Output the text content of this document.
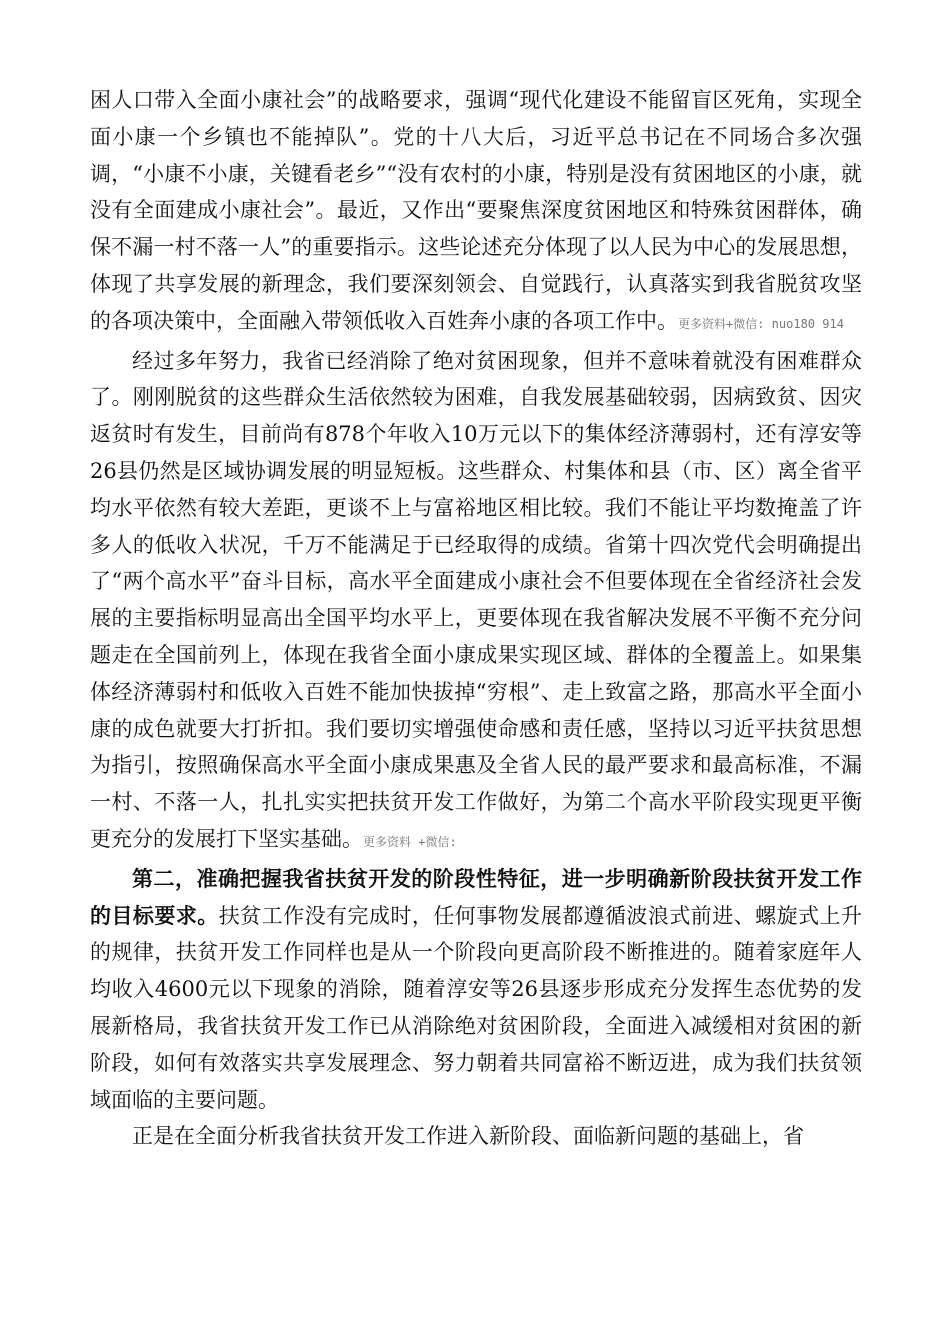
困人口带入全面小康社会”的战略要求，强调“现代化建设不能留盲区死角，实现全面小康一个乡镇也不能掉队”。党的十八大后，习近平总书记在不同场合多次强调，“小康不小康，关键看老乡”“没有农村的小康，特别是没有贫困地区的小康，就没有全面建成小康社会”。最近，又作出“要聚焦深度贫困地区和特殊贫困群体，确保不漏一村不落一人”的重要指示。这些论述充分体现了以人民为中心的发展思想，体现了共享发展的新理念，我们要深刻领会、自觉践行，认真落实到我省脱贫攻坚的各项决策中，全面融入带领低收入百姓奔小康的各项工作中。更多资料+微信: nuo180 914

经过多年努力，我省已经消除了绝对贫困现象，但并不意味着就没有困难群众了。刚刚脱贫的这些群众生活依然较为困难，自我发展基础较弱，因病致贫、因灾返贫时有发生，目前尚有878个年收入10万元以下的集体经济薄弱村，还有淳安等26县仍然是区域协调发展的明显短板。这些群众、村集体和县（市、区）离全省平均水平依然有较大差距，更谈不上与富裕地区相比较。我们不能让平均数掩盖了许多人的低收入状况，千万不能满足于已经取得的成绩。省第十四次党代会明确提出了“两个高水平”奋斗目标，高水平全面建成小康社会不但要体现在全省经济社会发展的主要指标明显高出全国平均水平上，更要体现在我省解决发展不平衡不充分问题走在全国前列上，体现在我省全面小康成果实现区域、群体的全覆盖上。如果集体经济薄弱村和低收入百姓不能加快拔掉“穷根”、走上致富之路，那高水平全面小康的成色就要大打折扣。我们要切实增强使命感和责任感，坚持以习近平扶贫思想为指引，按照确保高水平全面小康成果惠及全省人民的最严要求和最高标准，不漏一村、不落一人，扎扎实实把扶贫开发工作做好，为第二个高水平阶段实现更平衡更充分的发展打下坚实基础。更多资料 +微信:

第二，准确把握我省扶贫开发的阶段性特征，进一步明确新阶段扶贫开发工作的目标要求。扶贫工作没有完成时，任何事物发展都遵循波浪式前进、螺旋式上升的规律，扶贫开发工作同样也是从一个阶段向更高阶段不断推进的。随着家庭年人均收入4600元以下现象的消除，随着淳安等26县逐步形成充分发挥生态优势的发展新格局，我省扶贫开发工作已从消除绝对贫困阶段，全面进入减缓相对贫困的新阶段，如何有效落实共享发展理念、努力朝着共同富裕不断迈进，成为我们扶贫领域面临的主要问题。

正是在全面分析我省扶贫开发工作进入新阶段、面临新问题的基础上，省
